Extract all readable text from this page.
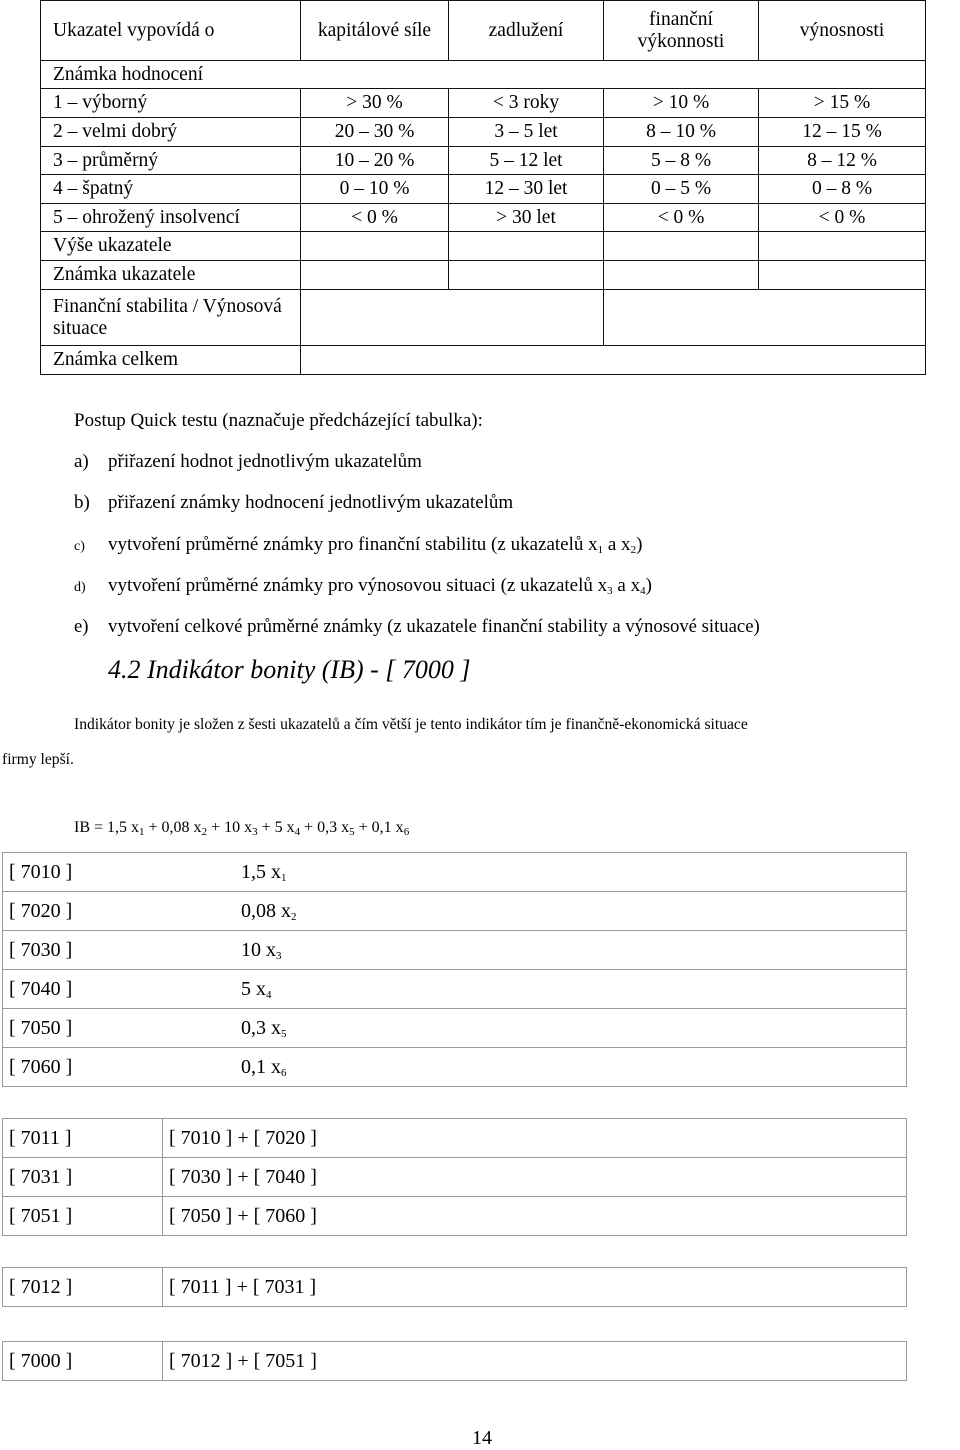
Ukazatel vypovídá o	kapitálové síle	zadlužení	finanční výkonnosti	výnosnosti
Známka hodnocení				
1 – výborný	> 30 %	< 3 roky	> 10 %	> 15 %
2 – velmi dobrý	20 – 30 %	3 – 5 let	8 – 10 %	12 – 15 %
3 – průměrný	10 – 20 %	5 – 12 let	5 – 8 %	8 – 12 %
4 – špatný	0 – 10 %	12 – 30 let	0 – 5 %	0 – 8 %
5 – ohrožený insolvencí	< 0 %	> 30 let	< 0 %	< 0 %
Výše ukazatele				
Známka ukazatele				
Finanční stabilita / Výnosová situace				
Známka celkem				
Postup Quick testu (naznačuje předcházející tabulka):
a) přiřazení hodnot jednotlivým ukazatelům
b) přiřazení známky hodnocení jednotlivým ukazatelům
c) vytvoření průměrné známky pro finanční stabilitu (z ukazatelů $x_1$ a $x_2$)
d) vytvoření průměrné známky pro výnosovou situaci (z ukazatelů $x_3$ a $x_4$)
e) vytvoření celkové průměrné známky (z ukazatele finanční stability a výnosové situace)
4.2 Indikátor bonity (IB) - [ 7000 ]
Indikátor bonity je složen z šesti ukazatelů a čím větší je tento indikátor tím je finančně-ekonomická situace
firmy lepší.
IB = 1,5 $x_1 + 0,08$ $x_2 + 10$ $x_3 + 5$ $x_4 + 0,3$ $x_5 + 0,1$ $x_6$
[ 7010 ]	1,5 $x_1$
[ 7020 ]	0,08 $x_2$
[ 7030 ]	10 $x_3$
[ 7040 ]	5 $x_4$
[ 7050 ]	0,3 $x_5$
[ 7060 ]	0,1 $x_6$
[ 7011 ]	[ 7010 ] + [ 7020 ]
[ 7031 ]	[ 7030 ] + [ 7040 ]
[ 7051 ]	[ 7050 ] + [ 7060 ]
[ 7012 ]	[ 7011 ] + [ 7031 ]
[ 7000 ]	[ 7012 ] + [ 7051 ]
14
